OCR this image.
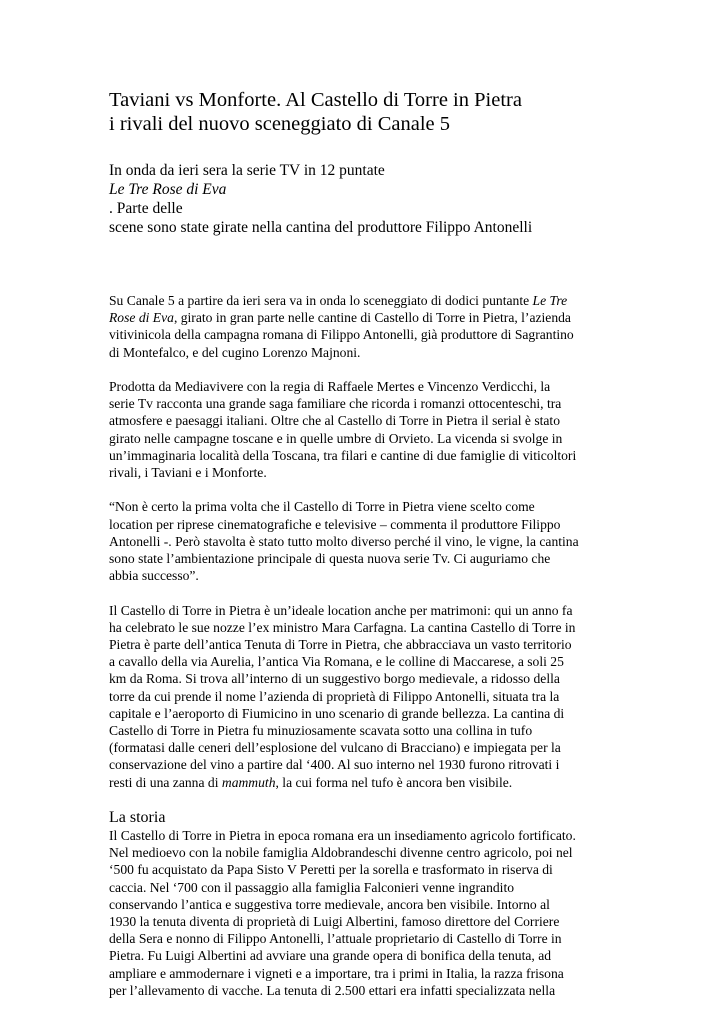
Taviani vs Monforte. Al Castello di Torre in Pietra
i rivali del nuovo sceneggiato di Canale 5
In onda da ieri sera la serie TV in 12 puntate
Le Tre Rose di Eva
. Parte delle
scene sono state girate nella cantina del produttore Filippo Antonelli

Su Canale 5 a partire da ieri sera va in onda lo sceneggiato di dodici puntante Le Tre
Rose di Eva, girato in gran parte nelle cantine di Castello di Torre in Pietra, l’azienda
vitivinicola della campagna romana di Filippo Antonelli, già produttore di Sagrantino
di Montefalco, e del cugino Lorenzo Majnoni.

Prodotta da Mediavivere con la regia di Raffaele Mertes e Vincenzo Verdicchi, la
serie Tv racconta una grande saga familiare che ricorda i romanzi ottocenteschi, tra
atmosfere e paesaggi italiani. Oltre che al Castello di Torre in Pietra il serial è stato
girato nelle campagne toscane e in quelle umbre di Orvieto. La vicenda si svolge in
un’immaginaria località della Toscana, tra filari e cantine di due famiglie di viticoltori
rivali, i Taviani e i Monforte.

“Non è certo la prima volta che il Castello di Torre in Pietra viene scelto come
location per riprese cinematografiche e televisive – commenta il produttore Filippo
Antonelli -. Però stavolta è stato tutto molto diverso perché il vino, le vigne, la cantina
sono state l’ambientazione principale di questa nuova serie Tv. Ci auguriamo che
abbia successo”.

Il Castello di Torre in Pietra è un’ideale location anche per matrimoni: qui un anno fa
ha celebrato le sue nozze l’ex ministro Mara Carfagna. La cantina Castello di Torre in
Pietra è parte dell’antica Tenuta di Torre in Pietra, che abbracciava un vasto territorio
a cavallo della via Aurelia, l’antica Via Romana, e le colline di Maccarese, a soli 25
km da Roma. Si trova all’interno di un suggestivo borgo medievale, a ridosso della
torre da cui prende il nome l’azienda di proprietà di Filippo Antonelli, situata tra la
capitale e l’aeroporto di Fiumicino in uno scenario di grande bellezza. La cantina di
Castello di Torre in Pietra fu minuziosamente scavata sotto una collina in tufo
(formatasi dalle ceneri dell’esplosione del vulcano di Bracciano) e impiegata per la
conservazione del vino a partire dal ‘400. Al suo interno nel 1930 furono ritrovati i
resti di una zanna di mammuth, la cui forma nel tufo è ancora ben visibile.

La storia

Il Castello di Torre in Pietra in epoca romana era un insediamento agricolo fortificato.
Nel medioevo con la nobile famiglia Aldobrandeschi divenne centro agricolo, poi nel
‘500 fu acquistato da Papa Sisto V Peretti per la sorella e trasformato in riserva di
caccia. Nel ‘700 con il passaggio alla famiglia Falconieri venne ingrandito
conservando l’antica e suggestiva torre medievale, ancora ben visibile. Intorno al
1930 la tenuta diventa di proprietà di Luigi Albertini, famoso direttore del Corriere
della Sera e nonno di Filippo Antonelli, l’attuale proprietario di Castello di Torre in
Pietra. Fu Luigi Albertini ad avviare una grande opera di bonifica della tenuta, ad
ampliare e ammodernare i vigneti e a importare, tra i primi in Italia, la razza frisona
per l’allevamento di vacche. La tenuta di 2.500 ettari era infatti specializzata nella
